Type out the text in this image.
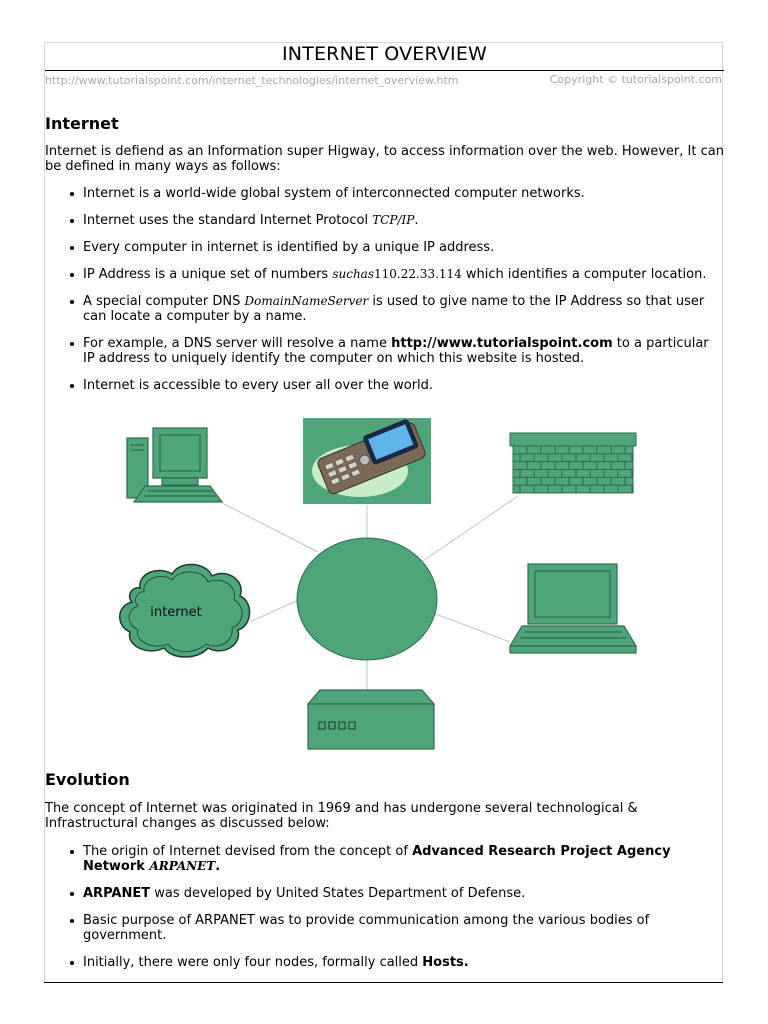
INTERNET OVERVIEW
http://www.tutorialspoint.com/internet_technologies/internet_overview.htm	Copyright © tutorialspoint.com
Internet

Internet is defiend as an Information super Higway, to access information over the web. However, It can be defined in many ways as follows:

Internet is a world-wide global system of interconnected computer networks.
Internet uses the standard Internet Protocol TCP/IP.
Every computer in internet is identified by a unique IP address.
IP Address is a unique set of numbers suchas110.22.33.114 which identifies a computer location.
A special computer DNS DomainNameServer is used to give name to the IP Address so that user can locate a computer by a name.
For example, a DNS server will resolve a name http://www.tutorialspoint.com to a particular IP address to uniquely identify the computer on which this website is hosted.
Internet is accessible to every user all over the world.
Evolution

The concept of Internet was originated in 1969 and has undergone several technological & Infrastructural changes as discussed below:

The origin of Internet devised from the concept of Advanced Research Project Agency Network ARPANET.
ARPANET was developed by United States Department of Defense.
Basic purpose of ARPANET was to provide communication among the various bodies of government.
Initially, there were only four nodes, formally called Hosts.
internet
